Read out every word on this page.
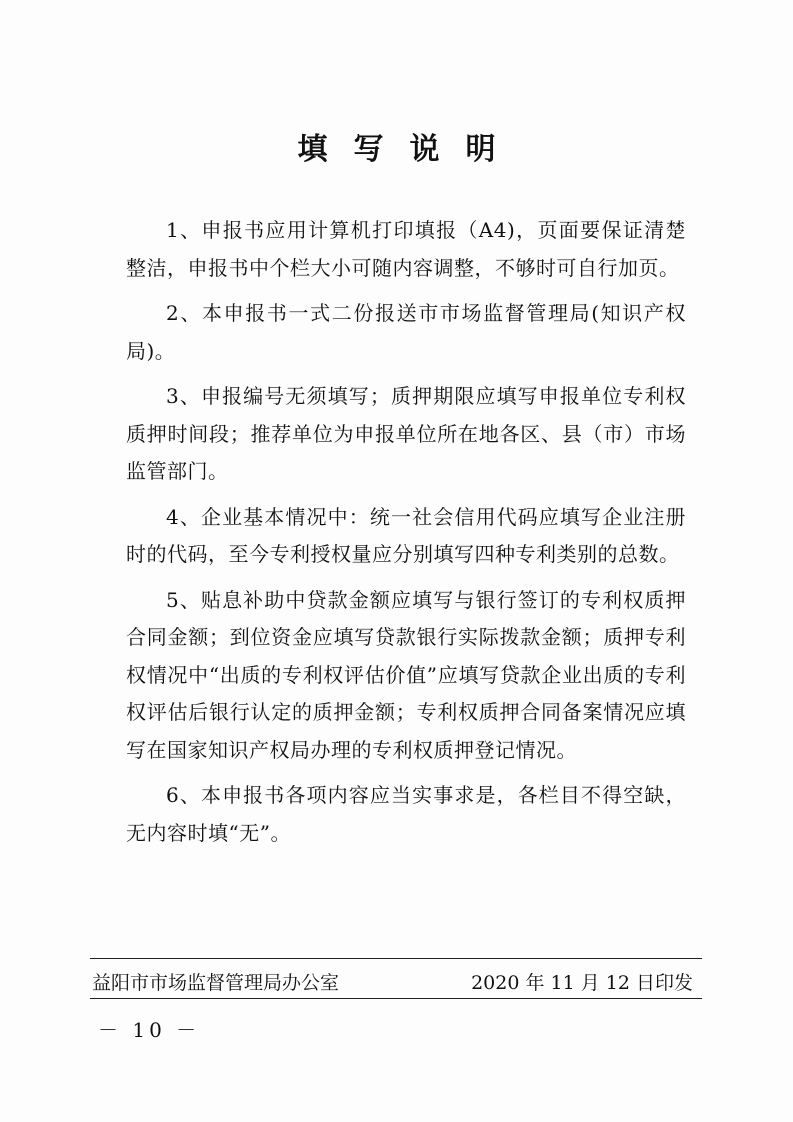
填写说明

1、申报书应用计算机打印填报（A4)，页面要保证清楚整洁，申报书中个栏大小可随内容调整，不够时可自行加页。

2、本申报书一式二份报送市市场监督管理局(知识产权局)。

3、申报编号无须填写；质押期限应填写申报单位专利权质押时间段；推荐单位为申报单位所在地各区、县（市）市场监管部门。

4、企业基本情况中：统一社会信用代码应填写企业注册时的代码，至今专利授权量应分别填写四种专利类别的总数。

5、贴息补助中贷款金额应填写与银行签订的专利权质押合同金额；到位资金应填写贷款银行实际拨款金额；质押专利权情况中“出质的专利权评估价值”应填写贷款企业出质的专利权评估后银行认定的质押金额；专利权质押合同备案情况应填写在国家知识产权局办理的专利权质押登记情况。

6、本申报书各项内容应当实事求是，各栏目不得空缺，无内容时填“无”。

益阳市市场监督管理局办公室	2020 年 11 月 12 日印发
－ 10 －
